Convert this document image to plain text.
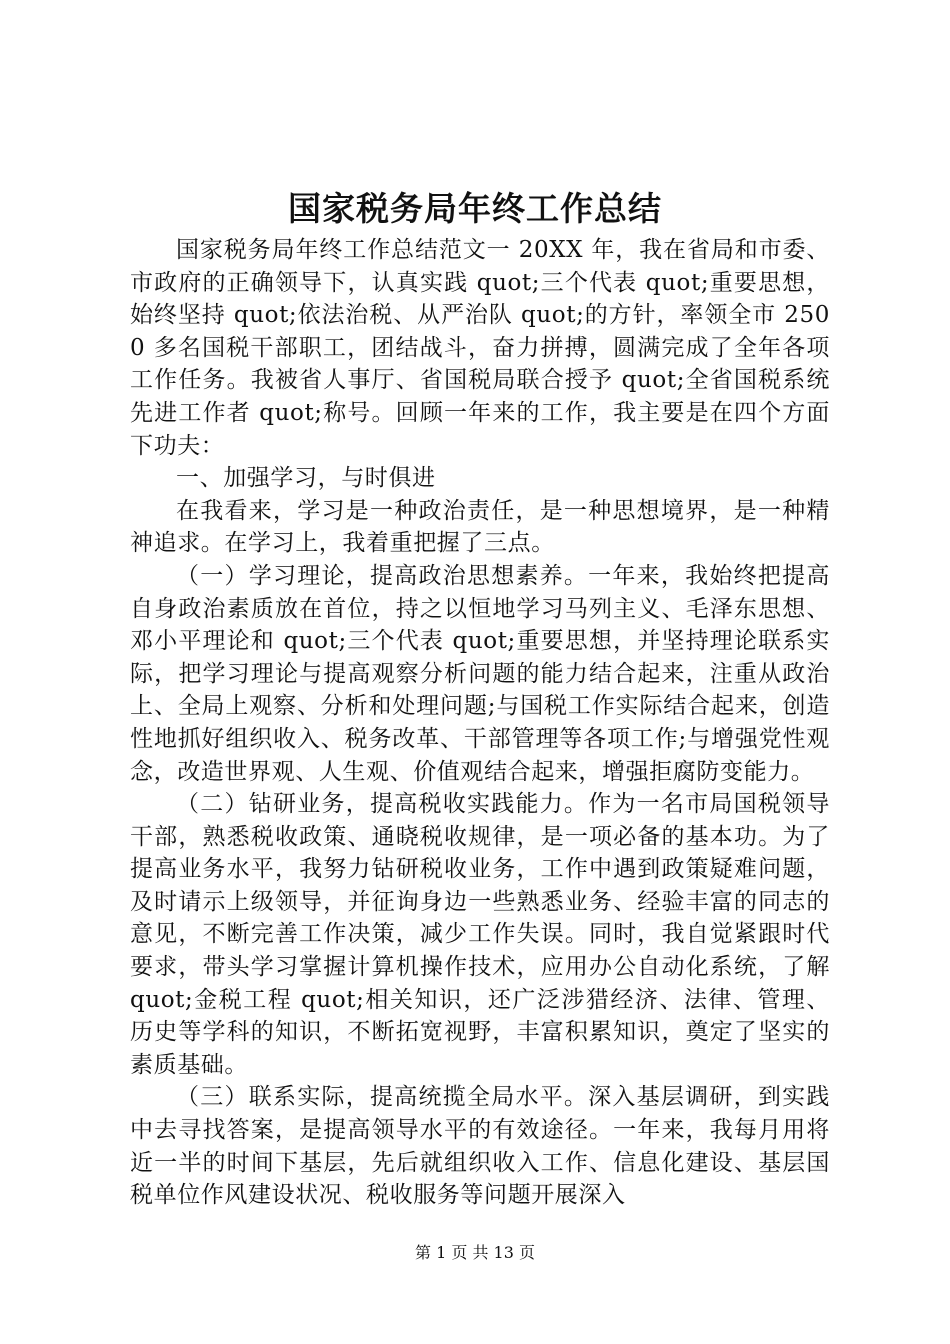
国家税务局年终工作总结

国家税务局年终工作总结范文一 20XX 年，我在省局和市委、市政府的正确领导下，认真实践 quot;三个代表 quot;重要思想，始终坚持 quot;依法治税、从严治队 quot;的方针，率领全市 2500 多名国税干部职工，团结战斗，奋力拼搏，圆满完成了全年各项工作任务。我被省人事厅、省国税局联合授予 quot;全省国税系统先进工作者 quot;称号。回顾一年来的工作，我主要是在四个方面下功夫：

一、加强学习，与时俱进

在我看来，学习是一种政治责任，是一种思想境界，是一种精神追求。在学习上，我着重把握了三点。

（一）学习理论，提高政治思想素养。一年来，我始终把提高自身政治素质放在首位，持之以恒地学习马列主义、毛泽东思想、邓小平理论和 quot;三个代表 quot;重要思想，并坚持理论联系实际，把学习理论与提高观察分析问题的能力结合起来，注重从政治上、全局上观察、分析和处理问题;与国税工作实际结合起来，创造性地抓好组织收入、税务改革、干部管理等各项工作;与增强党性观念，改造世界观、人生观、价值观结合起来，增强拒腐防变能力。

（二）钻研业务，提高税收实践能力。作为一名市局国税领导干部，熟悉税收政策、通晓税收规律，是一项必备的基本功。为了提高业务水平，我努力钻研税收业务，工作中遇到政策疑难问题，及时请示上级领导，并征询身边一些熟悉业务、经验丰富的同志的意见，不断完善工作决策，减少工作失误。同时，我自觉紧跟时代要求，带头学习掌握计算机操作技术，应用办公自动化系统，了解 quot;金税工程 quot;相关知识，还广泛涉猎经济、法律、管理、历史等学科的知识，不断拓宽视野，丰富积累知识，奠定了坚实的素质基础。

（三）联系实际，提高统揽全局水平。深入基层调研，到实践中去寻找答案，是提高领导水平的有效途径。一年来，我每月用将近一半的时间下基层，先后就组织收入工作、信息化建设、基层国税单位作风建设状况、税收服务等问题开展深入

第 1 页 共 13 页
